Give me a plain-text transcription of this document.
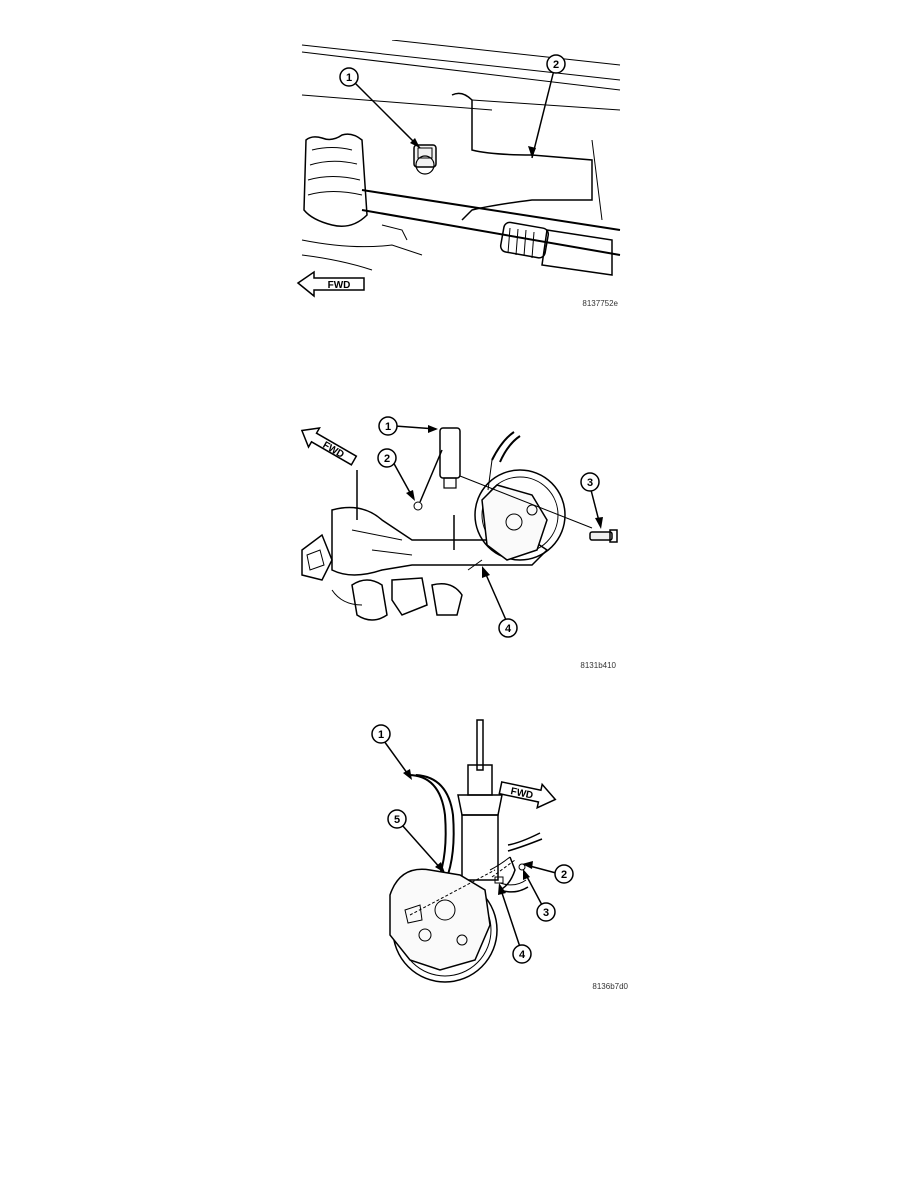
1
2
FWD
8137752e
1
2
3
4
FWD
8131b410
1
2
3
4
5
FWD
8136b7d0
